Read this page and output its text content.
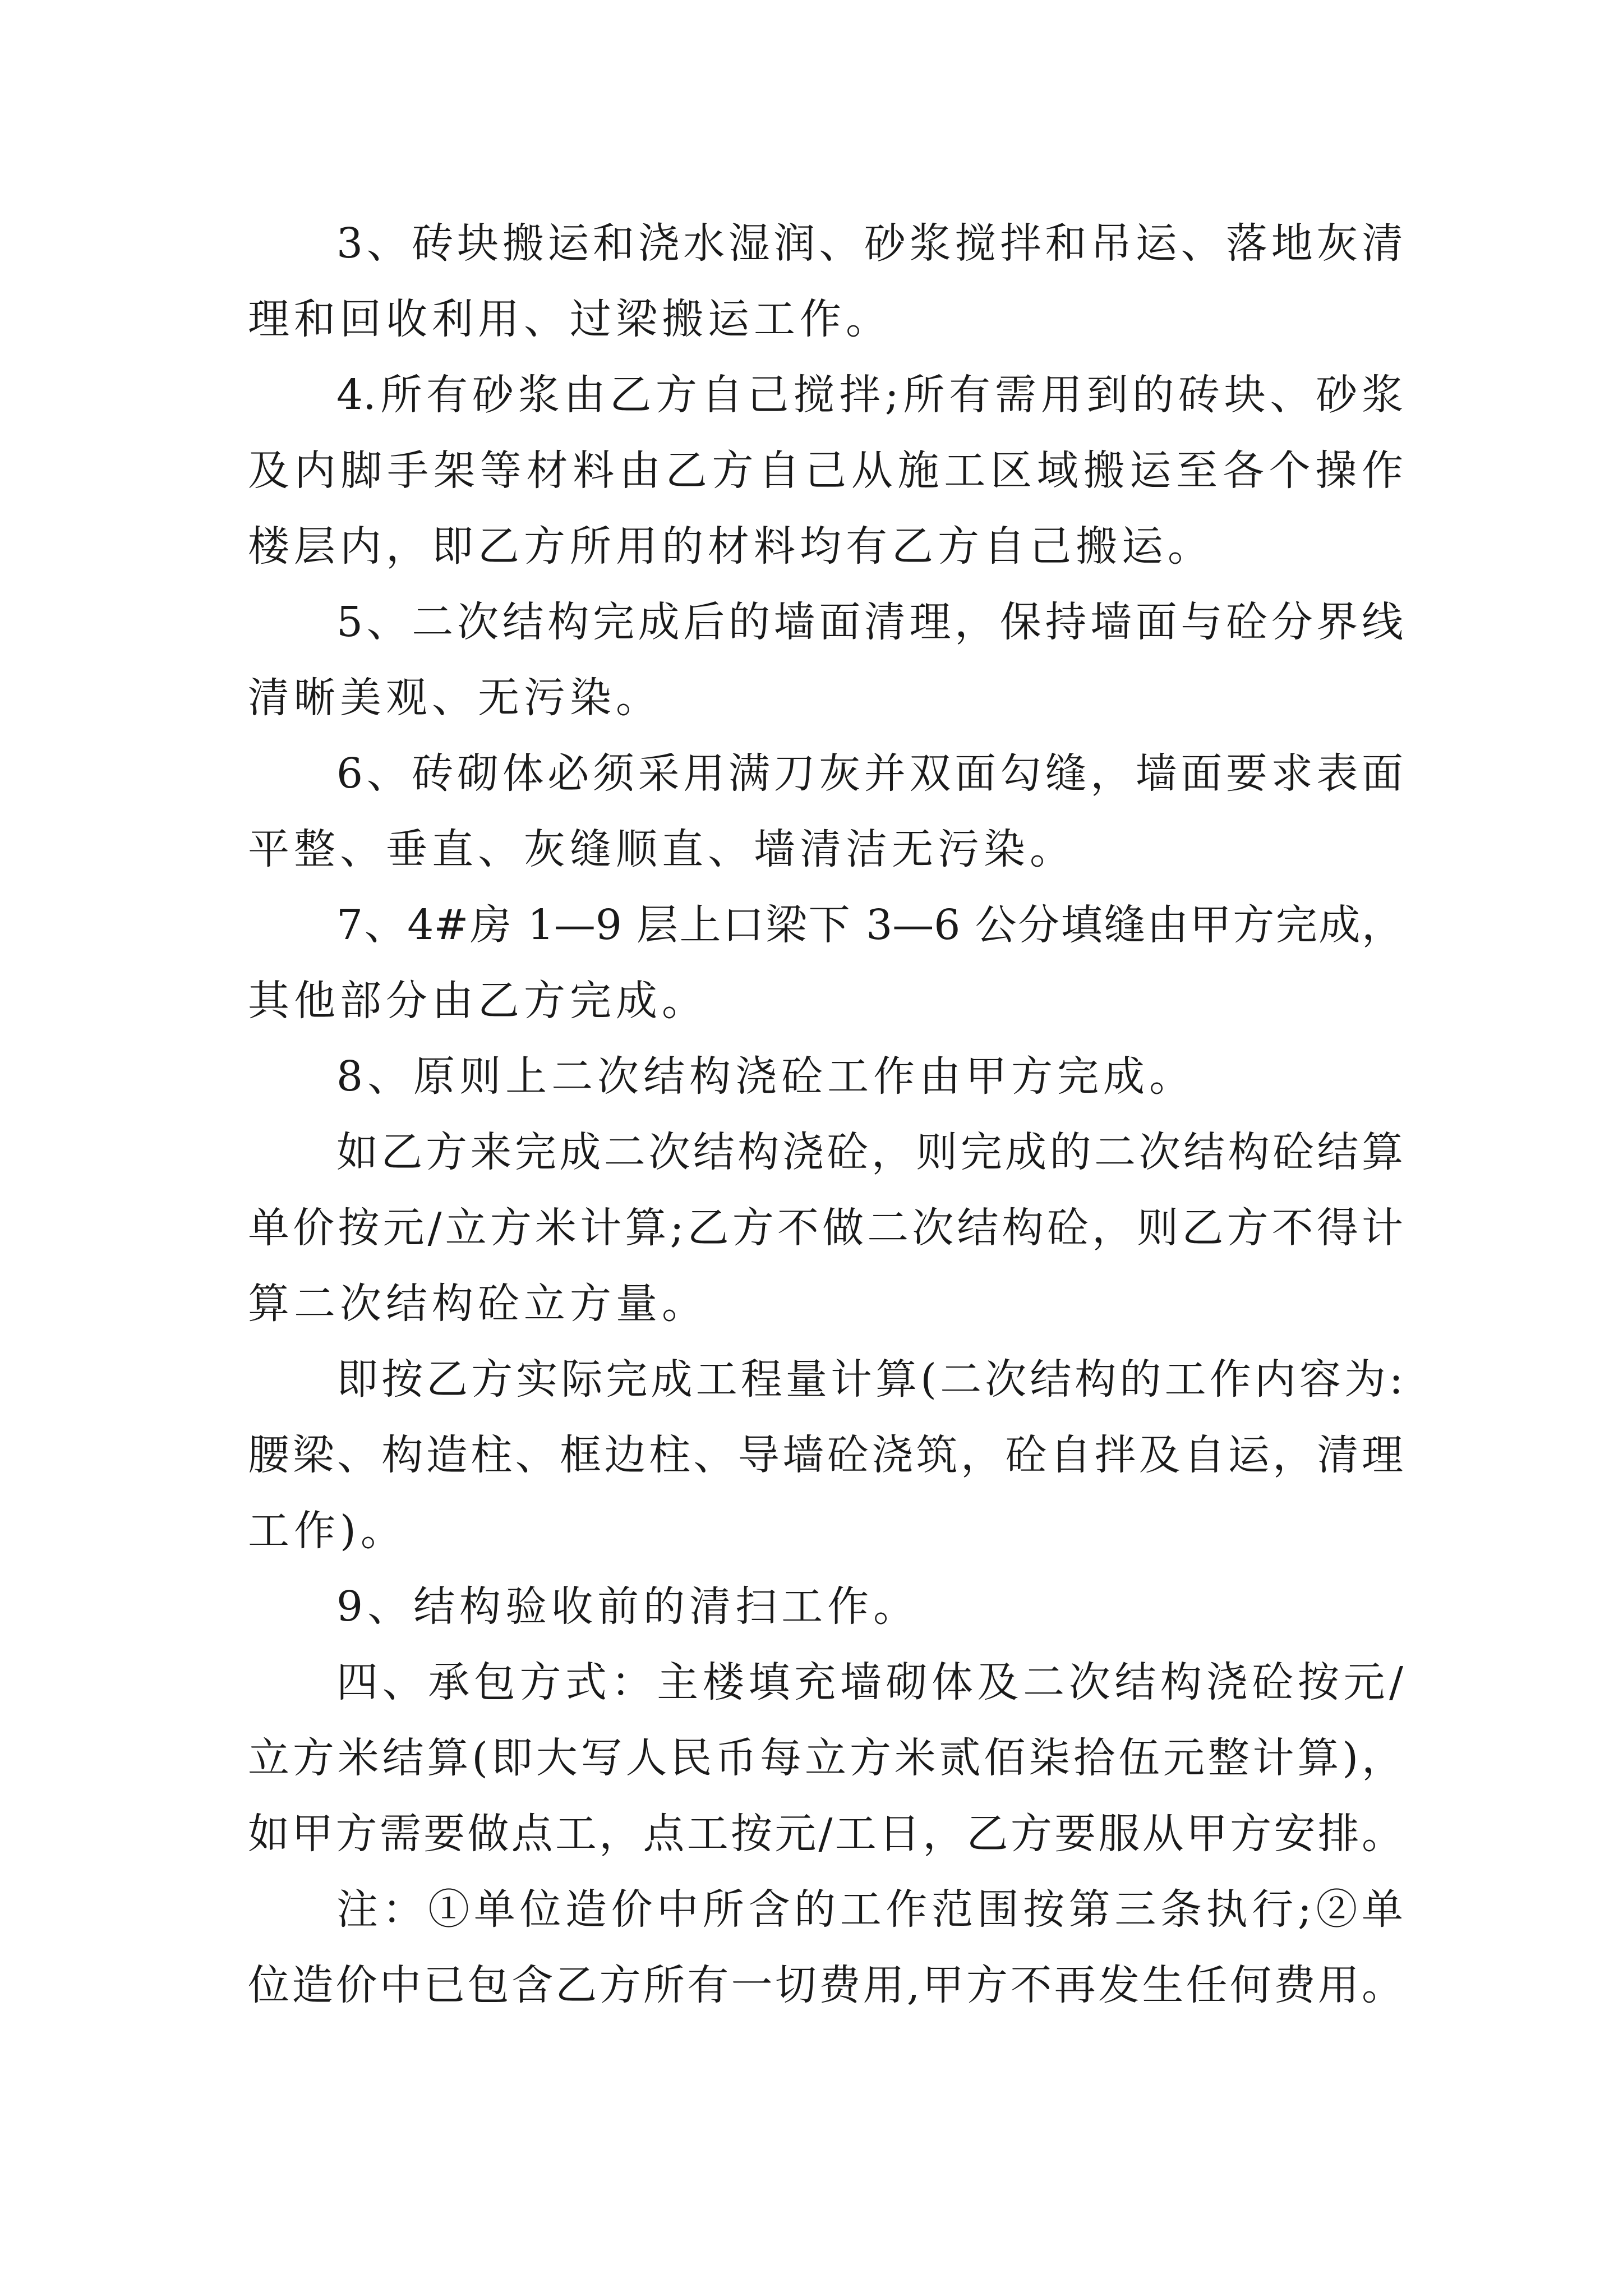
3、砖块搬运和浇水湿润、砂浆搅拌和吊运、落地灰清
理和回收利用、过梁搬运工作。
4.所有砂浆由乙方自己搅拌;所有需用到的砖块、砂浆
及内脚手架等材料由乙方自己从施工区域搬运至各个操作
楼层内，即乙方所用的材料均有乙方自己搬运。
5、二次结构完成后的墙面清理，保持墙面与砼分界线
清晰美观、无污染。
6、砖砌体必须采用满刀灰并双面勾缝，墙面要求表面
平整、垂直、灰缝顺直、墙清洁无污染。
7、4#房 1—9 层上口梁下 3—6 公分填缝由甲方完成，
其他部分由乙方完成。
8、原则上二次结构浇砼工作由甲方完成。
如乙方来完成二次结构浇砼，则完成的二次结构砼结算
单价按元/立方米计算;乙方不做二次结构砼，则乙方不得计
算二次结构砼立方量。
即按乙方实际完成工程量计算(二次结构的工作内容为:
腰梁、构造柱、框边柱、导墙砼浇筑，砼自拌及自运，清理
工作)。
9、结构验收前的清扫工作。
四、承包方式：主楼填充墙砌体及二次结构浇砼按元/
立方米结算(即大写人民币每立方米贰佰柒拾伍元整计算)，
如甲方需要做点工，点工按元/工日，乙方要服从甲方安排。
注：①单位造价中所含的工作范围按第三条执行;②单
位造价中已包含乙方所有一切费用,甲方不再发生任何费用。
